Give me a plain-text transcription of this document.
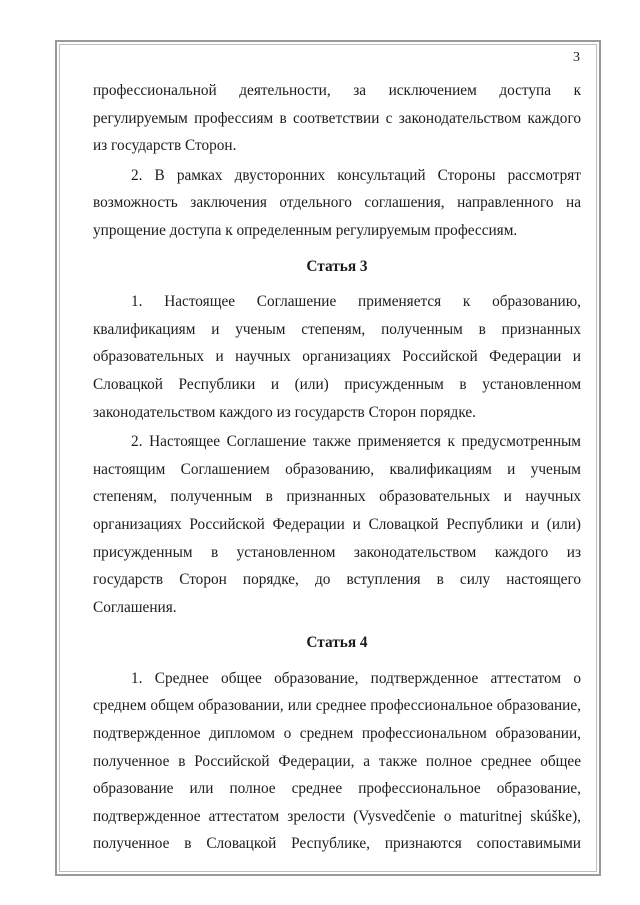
3

профессиональной деятельности, за исключением доступа к регулируемым профессиям в соответствии с законодательством каждого из государств Сторон.

2. В рамках двусторонних консультаций Стороны рассмотрят возможность заключения отдельного соглашения, направленного на упрощение доступа к определенным регулируемым профессиям.

Статья 3

1. Настоящее Соглашение применяется к образованию, квалификациям и ученым степеням, полученным в признанных образовательных и научных организациях Российской Федерации и Словацкой Республики и (или) присужденным в установленном законодательством каждого из государств Сторон порядке.

2. Настоящее Соглашение также применяется к предусмотренным настоящим Соглашением образованию, квалификациям и ученым степеням, полученным в признанных образовательных и научных организациях Российской Федерации и Словацкой Республики и (или) присужденным в установленном законодательством каждого из государств Сторон порядке, до вступления в силу настоящего Соглашения.

Статья 4

1. Среднее общее образование, подтвержденное аттестатом о среднем общем образовании, или среднее профессиональное образование, подтвержденное дипломом о среднем профессиональном образовании, полученное в Российской Федерации, а также полное среднее общее образование или полное среднее профессиональное образование, подтвержденное аттестатом зрелости (Vysvedčenie o maturitnej skúške), полученное в Словацкой Республике, признаются сопоставимыми
